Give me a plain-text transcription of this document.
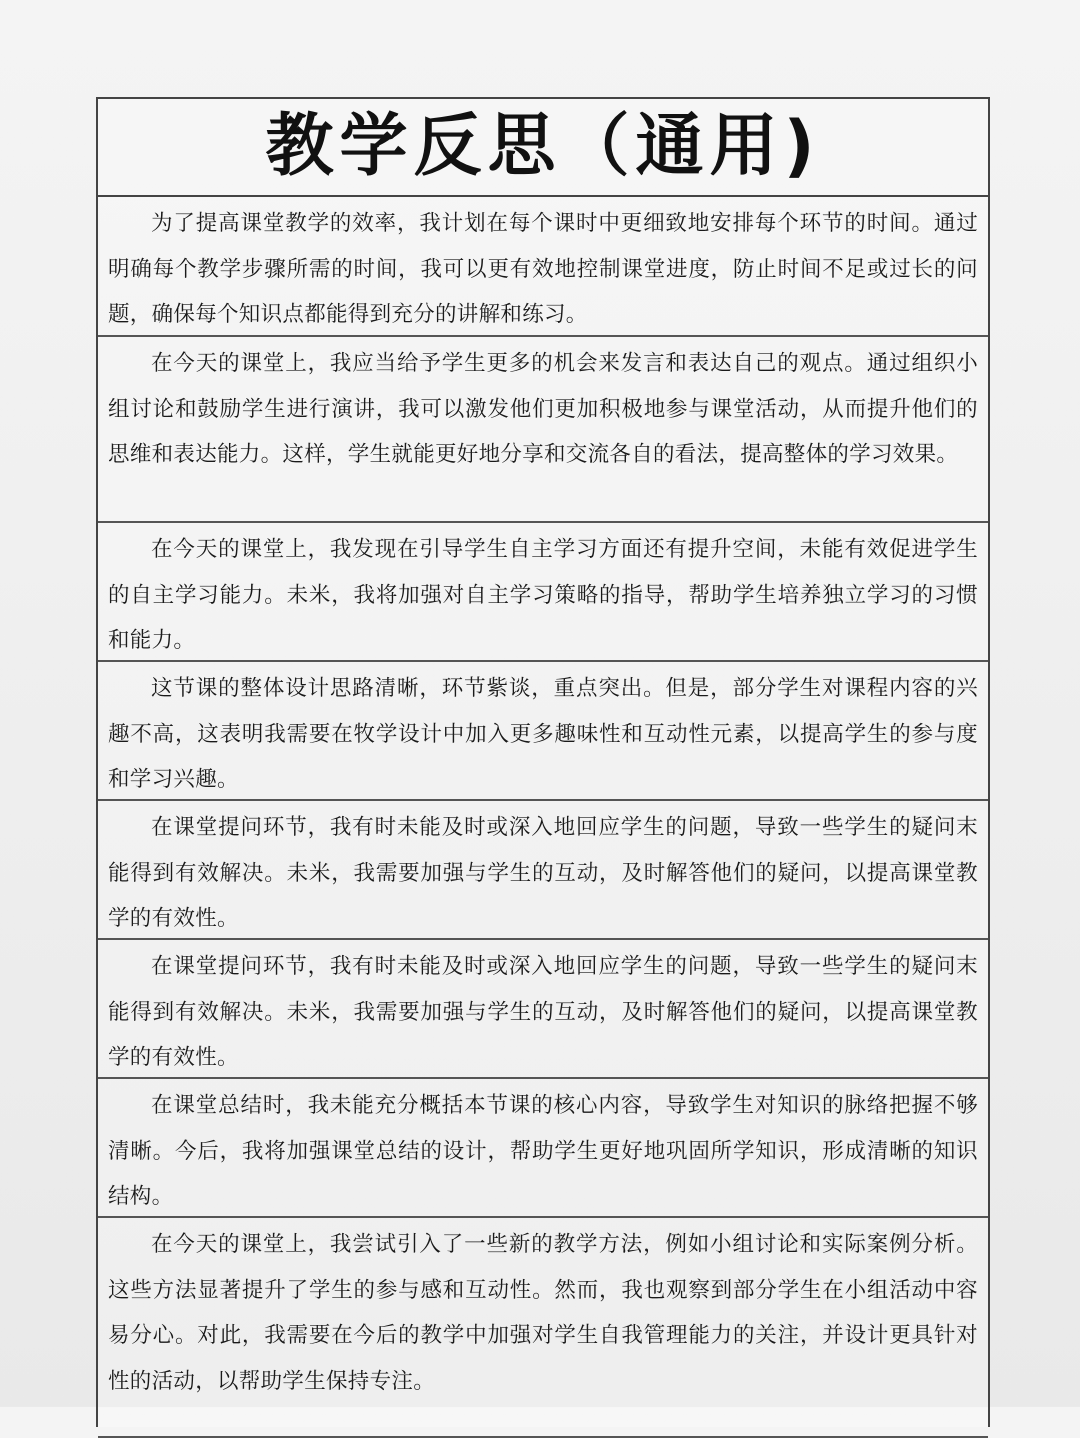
教学反思（通用)

为了提高课堂教学的效率，我计划在每个课时中更细致地安排每个环节的时间。通过明确每个教学步骤所需的时间，我可以更有效地控制课堂进度，防止时间不足或过长的问题，确保每个知识点都能得到充分的讲解和练习。

在今天的课堂上，我应当给予学生更多的机会来发言和表达自己的观点。通过组织小组讨论和鼓励学生进行演讲，我可以激发他们更加积极地参与课堂活动，从而提升他们的思维和表达能力。这样，学生就能更好地分享和交流各自的看法，提高整体的学习效果。

在今天的课堂上，我发现在引导学生自主学习方面还有提升空间，未能有效促进学生的自主学习能力。未米，我将加强对自主学习策略的指导，帮助学生培养独立学习的习惯和能力。

这节课的整体设计思路清晰，环节紫谈，重点突出。但是，部分学生对课程内容的兴趣不高，这表明我需要在牧学设计中加入更多趣味性和互动性元素，以提高学生的参与度和学习兴趣。

在课堂提问环节，我有时未能及时或深入地回应学生的问题，导致一些学生的疑问末能得到有效解决。未米，我需要加强与学生的互动，及时解答他们的疑问，以提高课堂教学的有效性。

在课堂提问环节，我有时未能及时或深入地回应学生的问题，导致一些学生的疑问末能得到有效解决。未米，我需要加强与学生的互动，及时解答他们的疑问，以提高课堂教学的有效性。

在课堂总结时，我未能充分概括本节课的核心内容，导致学生对知识的脉络把握不够清晰。今后，我将加强课堂总结的设计，帮助学生更好地巩固所学知识，形成清晰的知识结构。

在今天的课堂上，我尝试引入了一些新的教学方法，例如小组讨论和实际案例分析。这些方法显著提升了学生的参与感和互动性。然而，我也观察到部分学生在小组活动中容易分心。对此，我需要在今后的教学中加强对学生自我管理能力的关注，并设计更具针对性的活动，以帮助学生保持专注。
